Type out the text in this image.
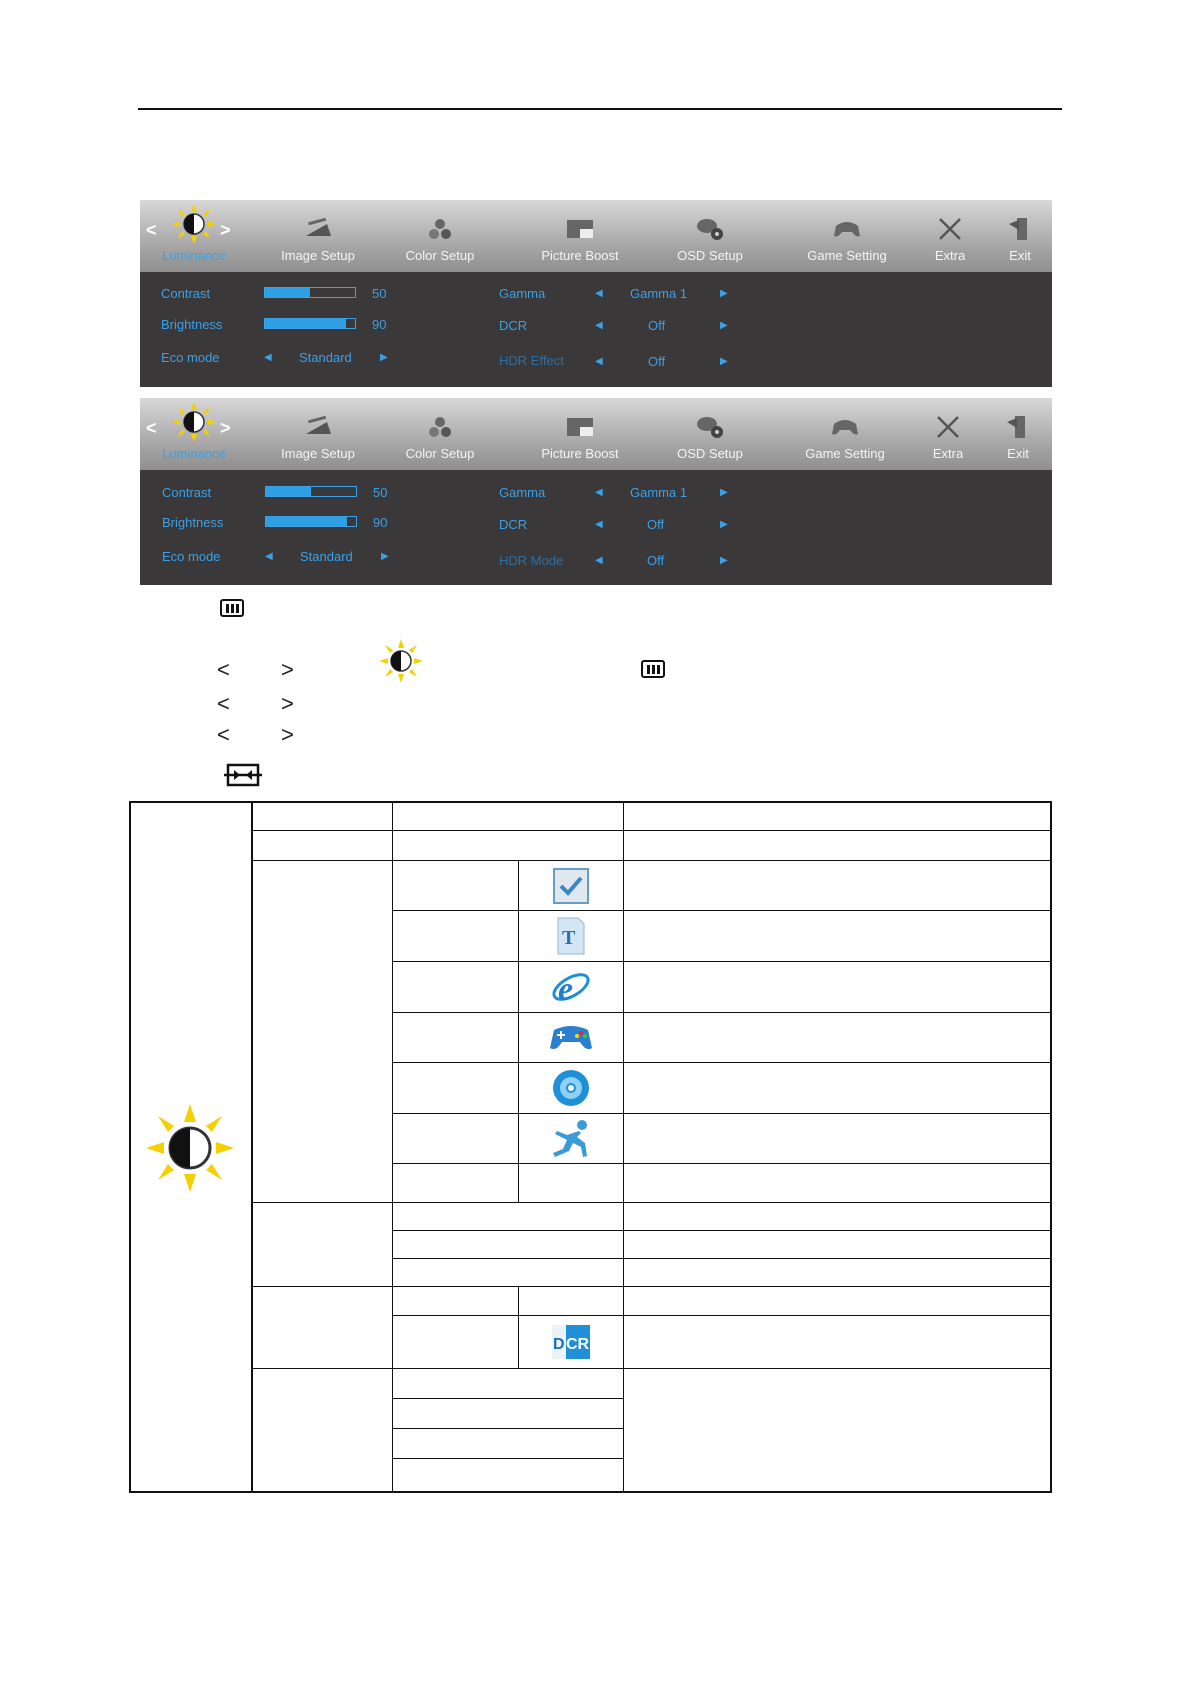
<	>
Luminance	Image Setup	Color Setup	Picture Boost	OSD Setup	Game Setting	Extra	Exit
Contrast	50
Brightness	90
Eco mode	◀ Standard	▶
Gamma	◀ Gamma 1	▶
DCR	◀	Off	▶
HDR Effect	◀	Off	▶
<	>
Luminance	Image Setup	Color Setup	Picture Boost	OSD Setup	Game Setting	Extra	Exit
Contrast	50
Brightness	90
Eco mode	◀ Standard	▶
Gamma	◀ Gamma 1	▶
DCR	◀	Off	▶
HDR Mode	◀	Off	▶
< >
< >
< >
T
e
D CR
